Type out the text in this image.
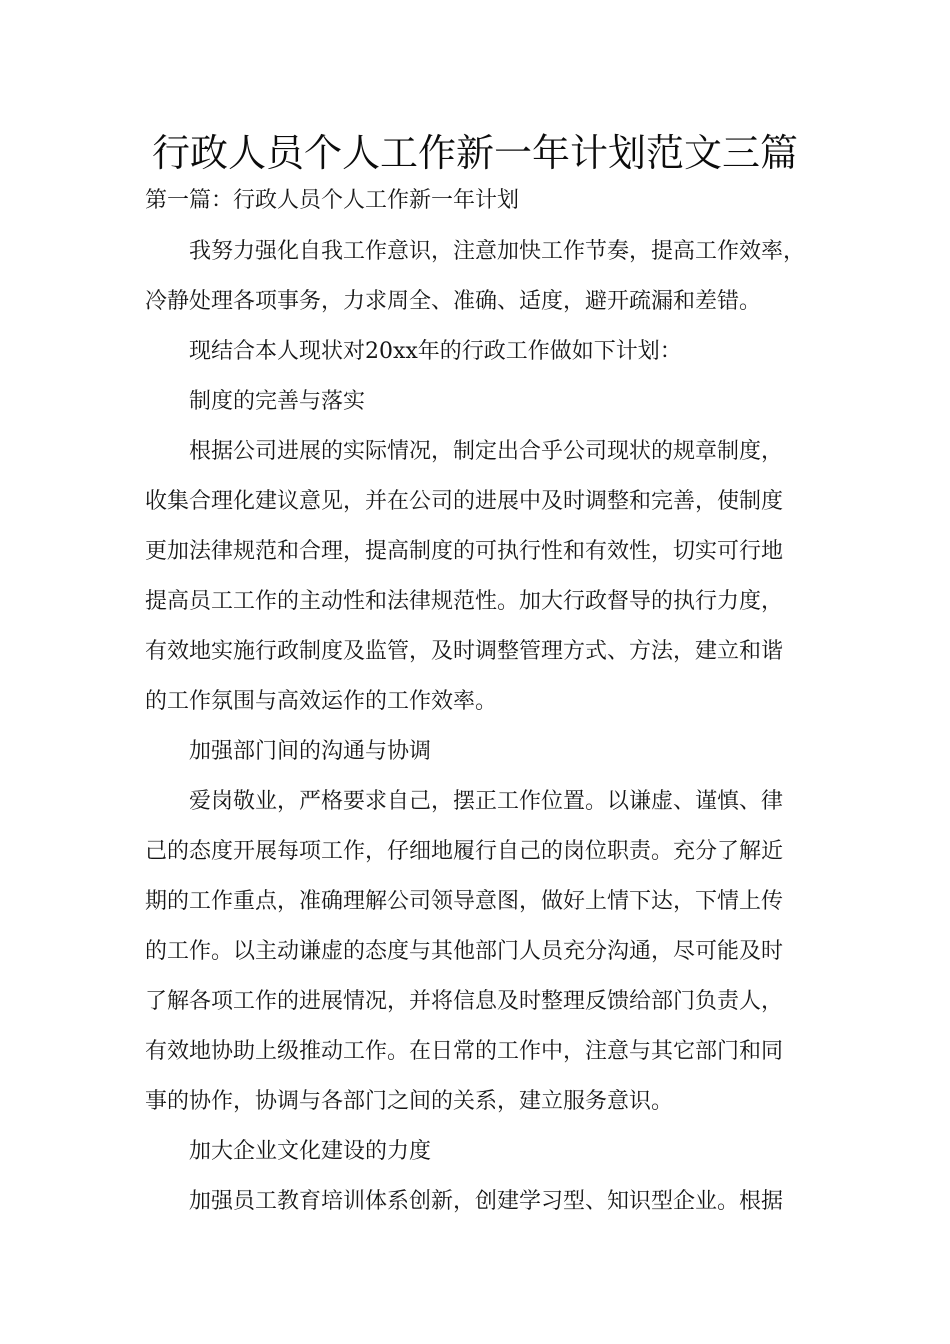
行政人员个人工作新一年计划范文三篇

第一篇：行政人员个人工作新一年计划

我努力强化自我工作意识，注意加快工作节奏，提高工作效率，

冷静处理各项事务，力求周全、准确、适度，避开疏漏和差错。

现结合本人现状对20xx年的行政工作做如下计划：

制度的完善与落实

根据公司进展的实际情况，制定出合乎公司现状的规章制度，

收集合理化建议意见，并在公司的进展中及时调整和完善，使制度

更加法律规范和合理，提高制度的可执行性和有效性，切实可行地

提高员工工作的主动性和法律规范性。加大行政督导的执行力度，

有效地实施行政制度及监管，及时调整管理方式、方法，建立和谐

的工作氛围与高效运作的工作效率。

加强部门间的沟通与协调

爱岗敬业，严格要求自己，摆正工作位置。以谦虚、谨慎、律

己的态度开展每项工作，仔细地履行自己的岗位职责。充分了解近

期的工作重点，准确理解公司领导意图，做好上情下达，下情上传

的工作。以主动谦虚的态度与其他部门人员充分沟通，尽可能及时

了解各项工作的进展情况，并将信息及时整理反馈给部门负责人，

有效地协助上级推动工作。在日常的工作中，注意与其它部门和同

事的协作，协调与各部门之间的关系，建立服务意识。

加大企业文化建设的力度

加强员工教育培训体系创新，创建学习型、知识型企业。根据
